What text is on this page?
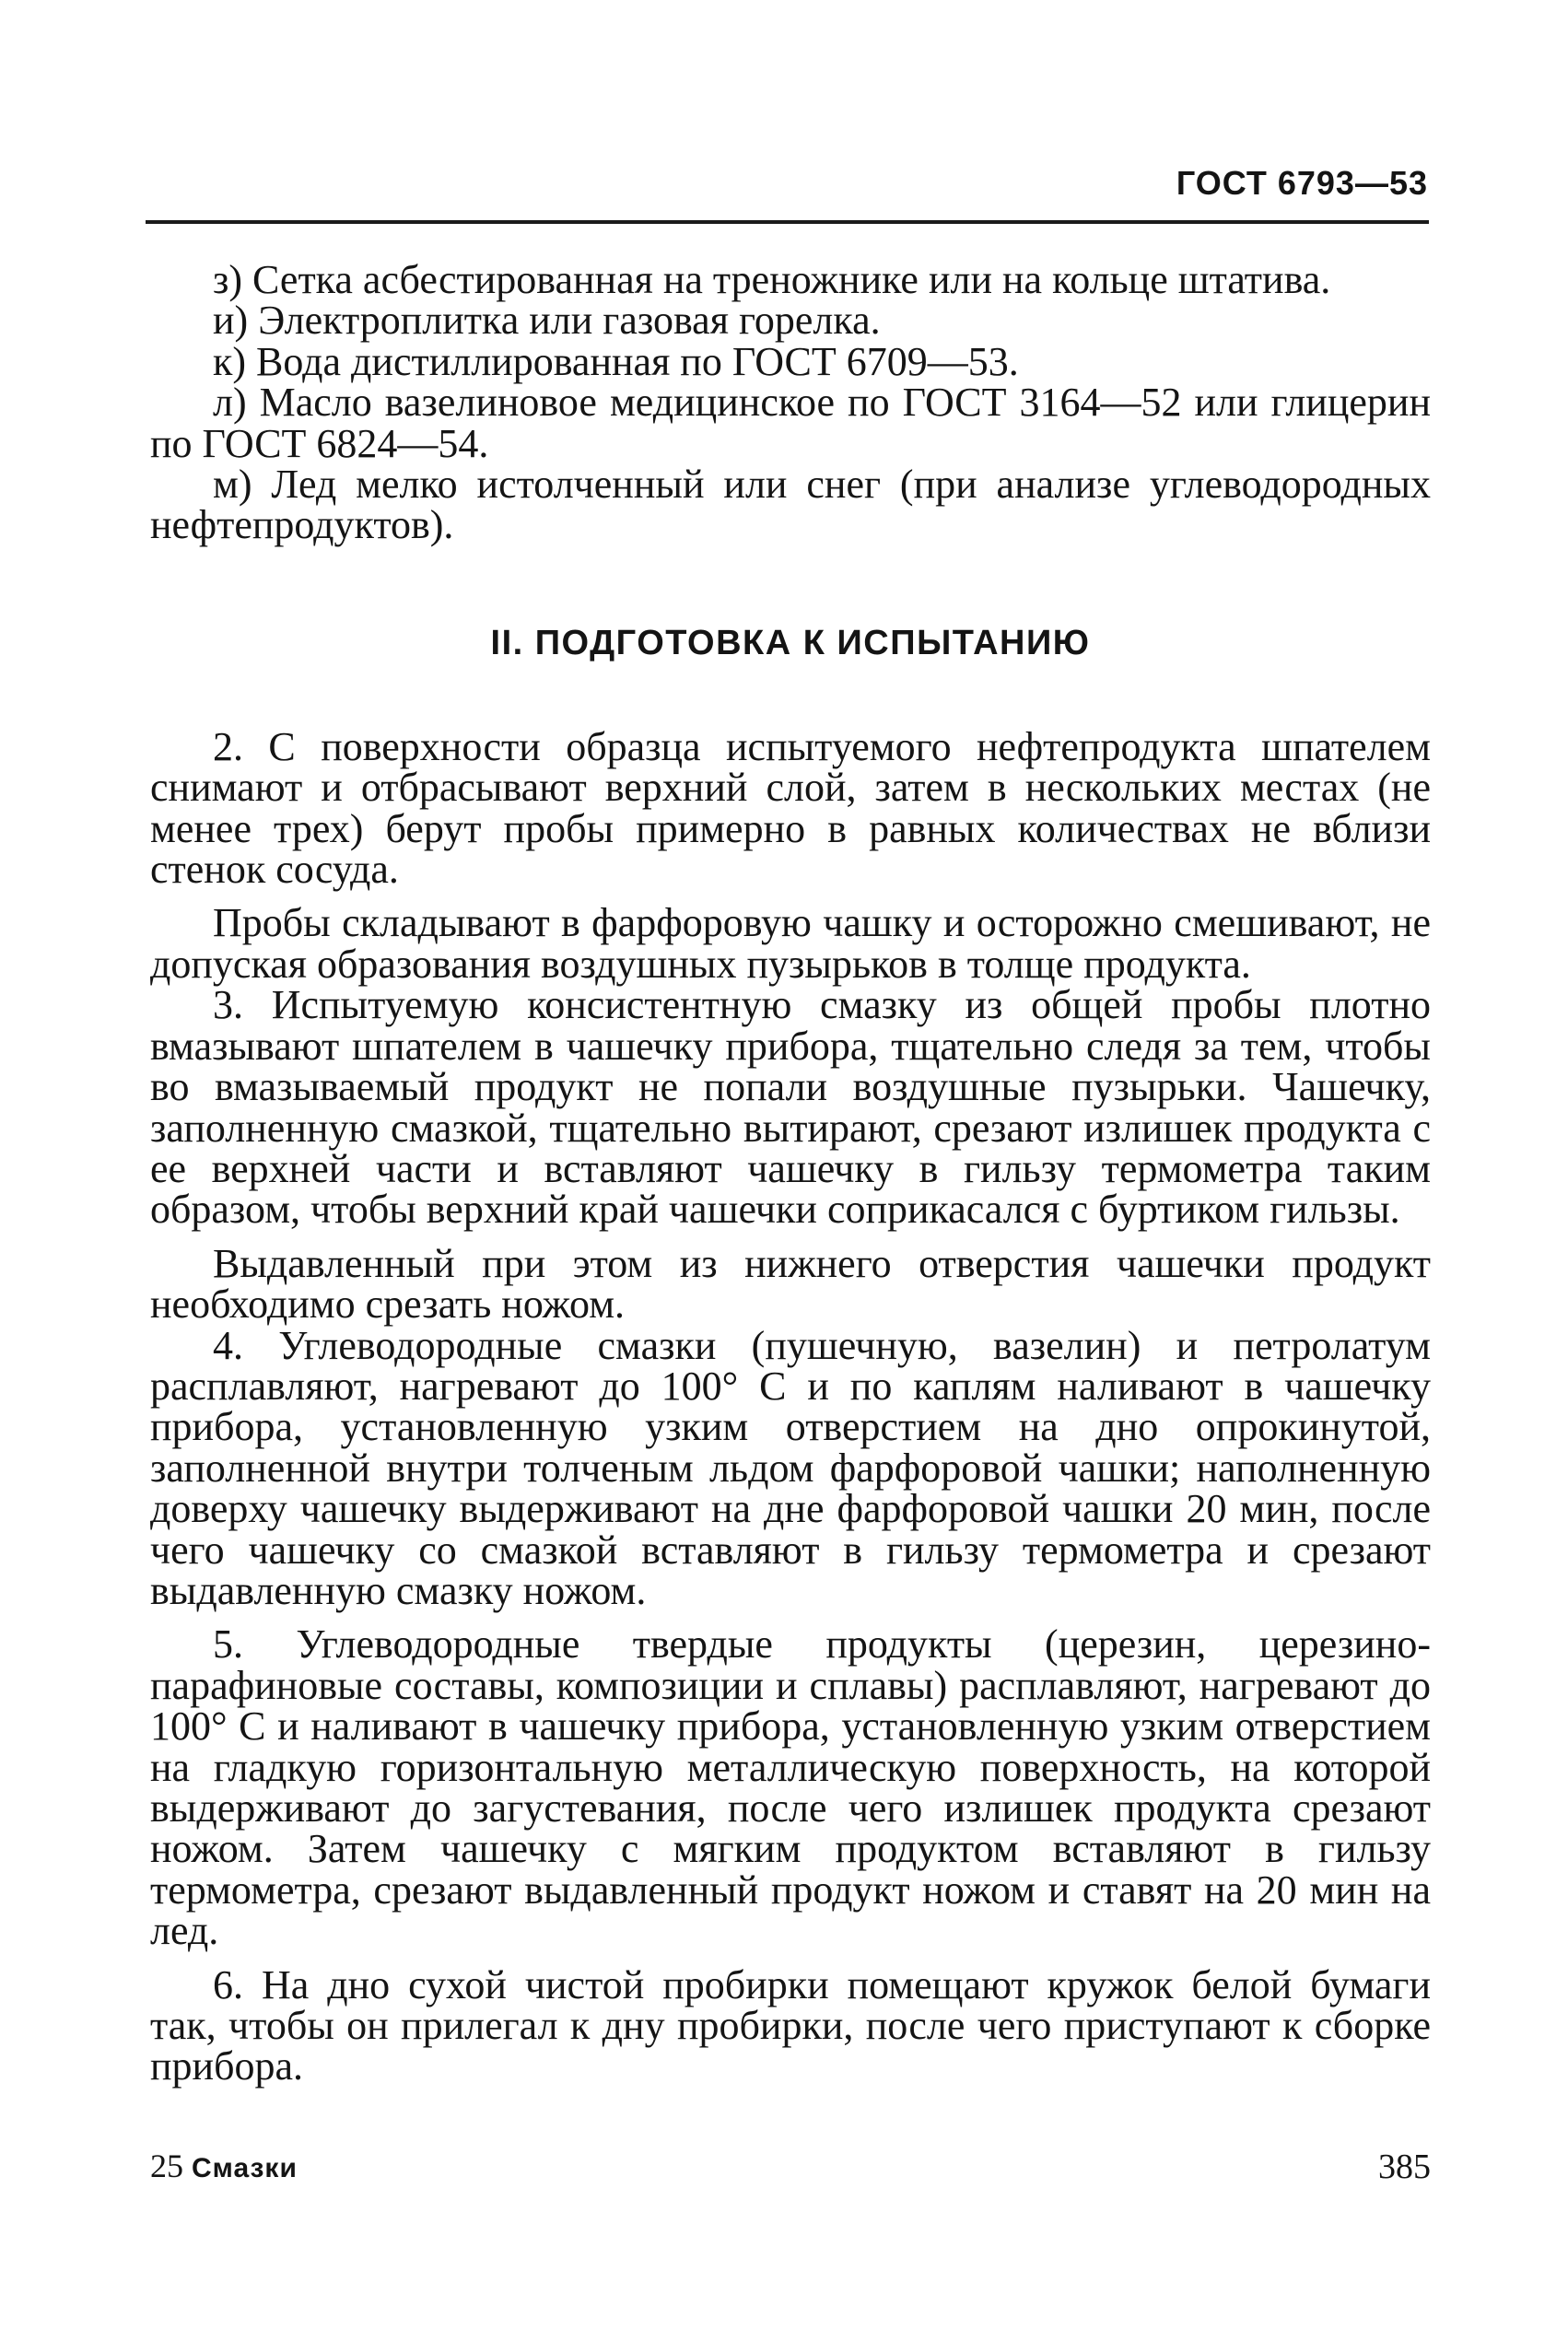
ГОСТ 6793—53

з) Сетка асбестированная на треножнике или на кольце штатива.

и) Электроплитка или газовая горелка.

к) Вода дистиллированная по ГОСТ 6709—53.

л) Масло вазелиновое медицинское по ГОСТ 3164—52 или глицерин по ГОСТ 6824—54.

м) Лед мелко истолченный или снег (при анализе углеводородных нефтепродуктов).

II. ПОДГОТОВКА К ИСПЫТАНИЮ

2. С поверхности образца испытуемого нефтепродукта шпателем снимают и отбрасывают верхний слой, затем в нескольких местах (не менее трех) берут пробы примерно в равных количествах не вблизи стенок сосуда.

Пробы складывают в фарфоровую чашку и осторожно смешивают, не допуская образования воздушных пузырьков в толще продукта.

3. Испытуемую консистентную смазку из общей пробы плотно вмазывают шпателем в чашечку прибора, тщательно следя за тем, чтобы во вмазываемый продукт не попали воздушные пузырьки. Чашечку, заполненную смазкой, тщательно вытирают, срезают излишек продукта с ее верхней части и вставляют чашечку в гильзу термометра таким образом, чтобы верхний край чашечки соприкасался с буртиком гильзы.

Выдавленный при этом из нижнего отверстия чашечки продукт необходимо срезать ножом.

4. Углеводородные смазки (пушечную, вазелин) и петролатум расплавляют, нагревают до 100° С и по каплям наливают в чашечку прибора, установленную узким отверстием на дно опрокинутой, заполненной внутри толченым льдом фарфоровой чашки; наполненную доверху чашечку выдерживают на дне фарфоровой чашки 20 мин, после чего чашечку со смазкой вставляют в гильзу термометра и срезают выдавленную смазку ножом.

5. Углеводородные твердые продукты (церезин, церезино-парафиновые составы, композиции и сплавы) расплавляют, нагревают до 100° С и наливают в чашечку прибора, установленную узким отверстием на гладкую горизонтальную металлическую поверхность, на которой выдерживают до загустевания, после чего излишек продукта срезают ножом. Затем чашечку с мягким продуктом вставляют в гильзу термометра, срезают выдавленный продукт ножом и ставят на 20 мин на лед.

6. На дно сухой чистой пробирки помещают кружок белой бумаги так, чтобы он прилегал к дну пробирки, после чего приступают к сборке прибора.

25 Смазки	385
